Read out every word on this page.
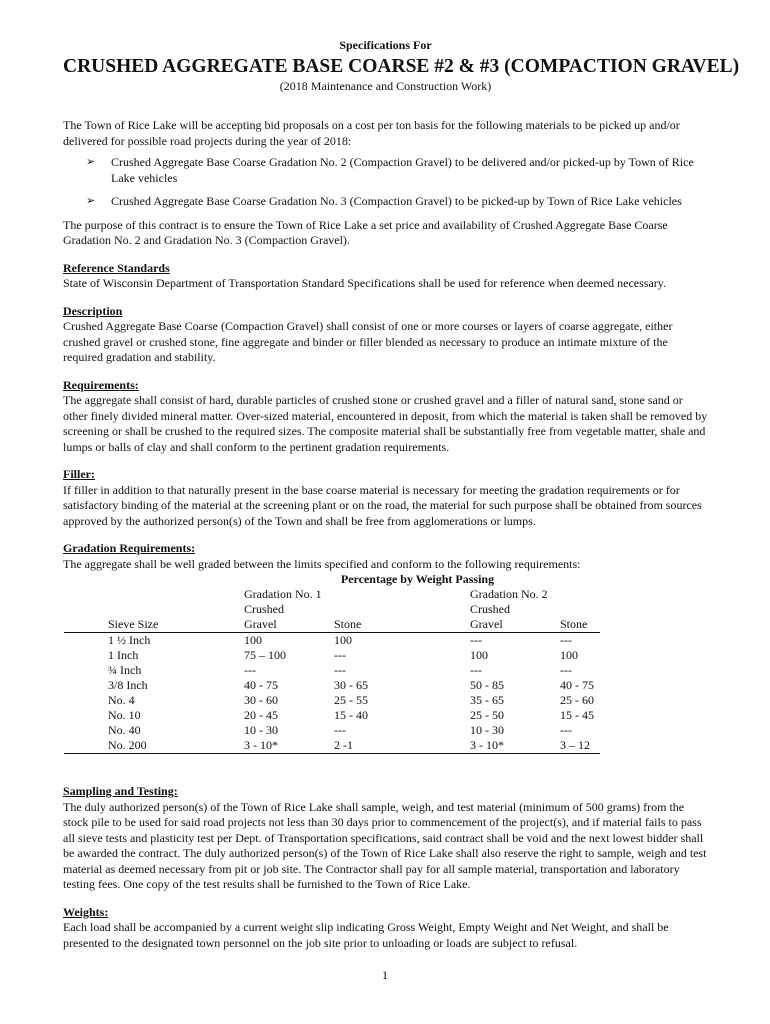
Specifications For

CRUSHED AGGREGATE BASE COARSE #2 & #3 (COMPACTION GRAVEL)

(2018 Maintenance and Construction Work)

The Town of Rice Lake will be accepting bid proposals on a cost per ton basis for the following materials to be picked up and/or delivered for possible road projects during the year of 2018:

➢ Crushed Aggregate Base Coarse Gradation No. 2 (Compaction Gravel) to be delivered and/or picked-up by Town of Rice Lake vehicles
➢ Crushed Aggregate Base Coarse Gradation No. 3 (Compaction Gravel) to be picked-up by Town of Rice Lake vehicles

The purpose of this contract is to ensure the Town of Rice Lake a set price and availability of Crushed Aggregate Base Coarse Gradation No. 2 and Gradation No. 3 (Compaction Gravel).

Reference Standards

State of Wisconsin Department of Transportation Standard Specifications shall be used for reference when deemed necessary.

Description

Crushed Aggregate Base Coarse (Compaction Gravel) shall consist of one or more courses or layers of coarse aggregate, either crushed gravel or crushed stone, fine aggregate and binder or filler blended as necessary to produce an intimate mixture of the required gradation and stability.

Requirements:

The aggregate shall consist of hard, durable particles of crushed stone or crushed gravel and a filler of natural sand, stone sand or other finely divided mineral matter. Over-sized material, encountered in deposit, from which the material is taken shall be removed by screening or shall be crushed to the required sizes. The composite material shall be substantially free from vegetable matter, shale and lumps or balls of clay and shall conform to the pertinent gradation requirements.

Filler:

If filler in addition to that naturally present in the base coarse material is necessary for meeting the gradation requirements or for satisfactory binding of the material at the screening plant or on the road, the material for such purpose shall be obtained from sources approved by the authorized person(s) of the Town and shall be free from agglomerations or lumps.

Gradation Requirements:

The aggregate shall be well graded between the limits specified and conform to the following requirements:

Percentage by Weight Passing
	Gradation No. 1		Gradation No. 2	
	Crushed		Crushed	
Sieve Size	Gravel	Stone	Gravel	Stone
1 ½ Inch	100	100	---	---
1 Inch	75 – 100	---	100	100
¾ Inch	---	---	---	---
3/8 Inch	40 - 75	30 - 65	50 - 85	40 - 75
No. 4	30 - 60	25 - 55	35 - 65	25 - 60
No. 10	20 - 45	15 - 40	25 - 50	15 - 45
No. 40	10 - 30	---	10 - 30	---
No. 200	3 - 10*	2 -1	3 - 10*	3 – 12
Sampling and Testing:

The duly authorized person(s) of the Town of Rice Lake shall sample, weigh, and test material (minimum of 500 grams) from the stock pile to be used for said road projects not less than 30 days prior to commencement of the project(s), and if material fails to pass all sieve tests and plasticity test per Dept. of Transportation specifications, said contract shall be void and the next lowest bidder shall be awarded the contract. The duly authorized person(s) of the Town of Rice Lake shall also reserve the right to sample, weigh and test material as deemed necessary from pit or job site. The Contractor shall pay for all sample material, transportation and laboratory testing fees. One copy of the test results shall be furnished to the Town of Rice Lake.

Weights:

Each load shall be accompanied by a current weight slip indicating Gross Weight, Empty Weight and Net Weight, and shall be presented to the designated town personnel on the job site prior to unloading or loads are subject to refusal.

1
